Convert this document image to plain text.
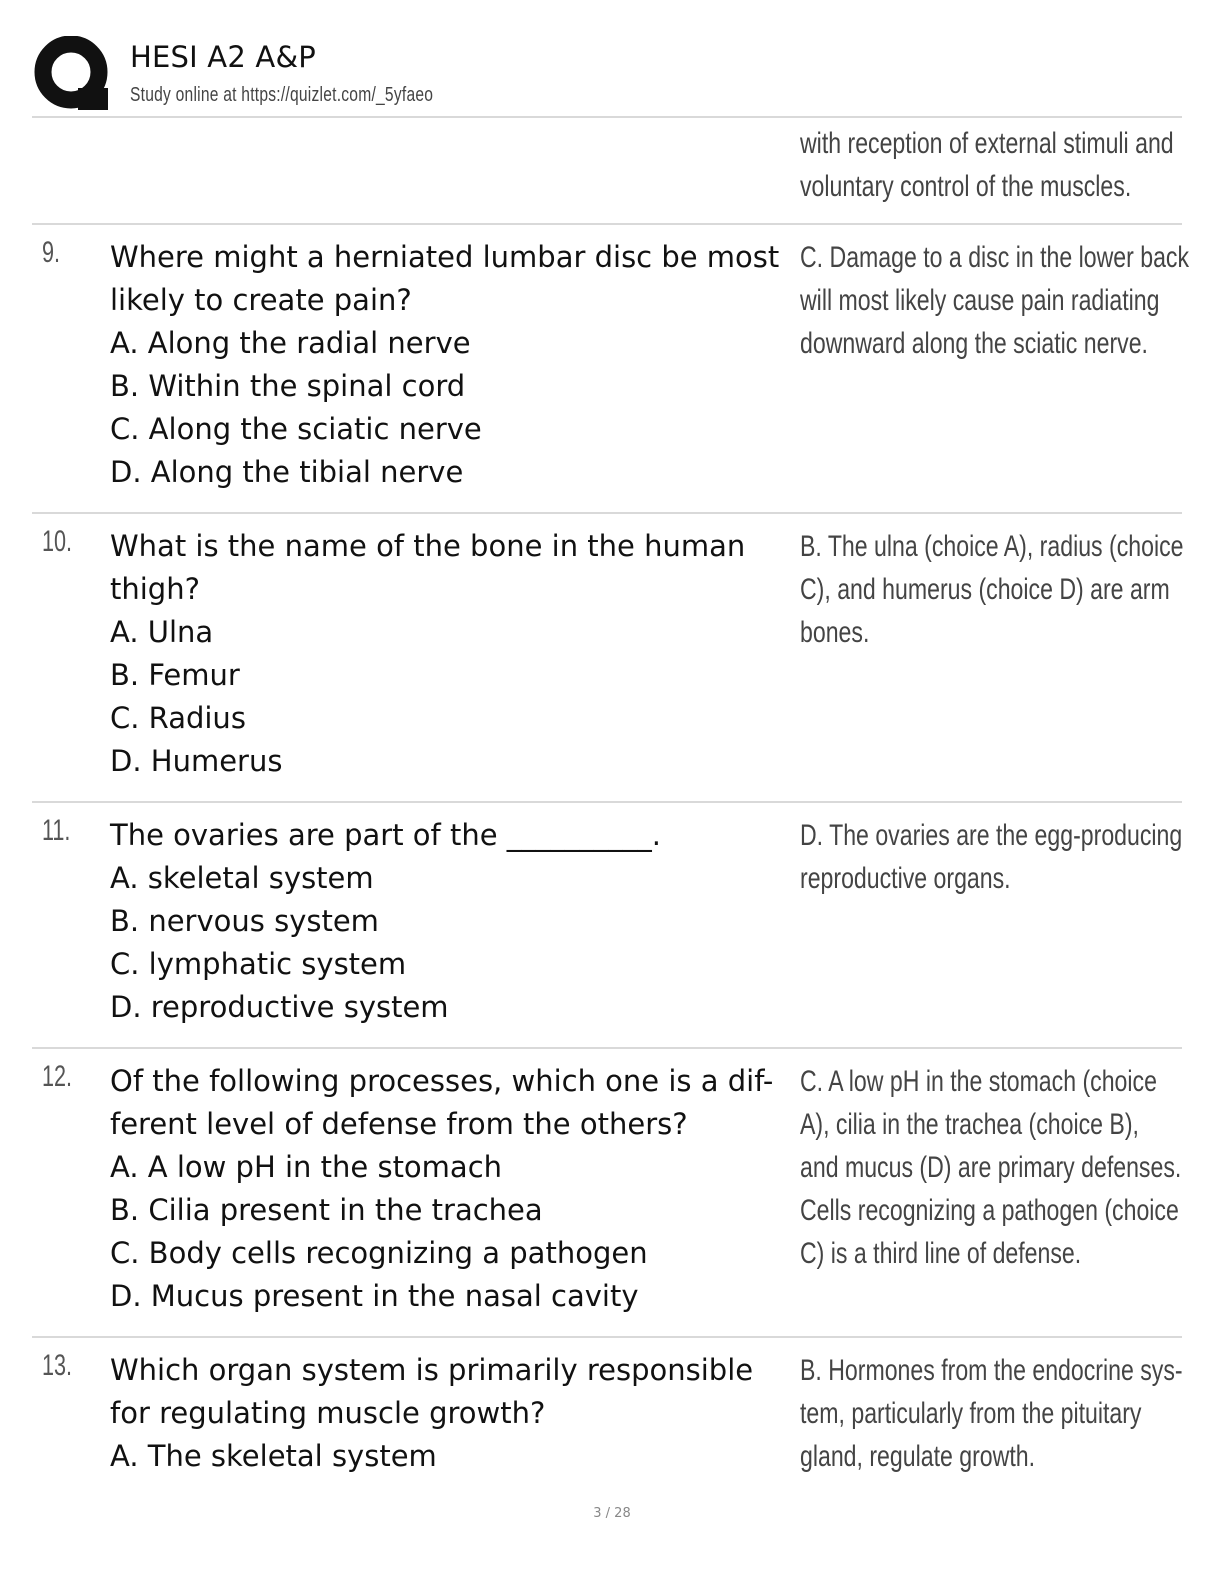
HESI A2 A&P
Study online at https://quizlet.com/_5yfaeo
with reception of external stimuli and
voluntary control of the muscles.
9. Where might a herniated lumbar disc be most
likely to create pain?
A. Along the radial nerve
B. Within the spinal cord
C. Along the sciatic nerve
D. Along the tibial nerve
C. Damage to a disc in the lower back
will most likely cause pain radiating
downward along the sciatic nerve.
10. What is the name of the bone in the human
thigh?
A. Ulna
B. Femur
C. Radius
D. Humerus
B. The ulna (choice A), radius (choice
C), and humerus (choice D) are arm
bones.
11. The ovaries are part of the __________.
A. skeletal system
B. nervous system
C. lymphatic system
D. reproductive system
D. The ovaries are the egg-producing
reproductive organs.
12. Of the following processes, which one is a dif-
ferent level of defense from the others?
A. A low pH in the stomach
B. Cilia present in the trachea
C. Body cells recognizing a pathogen
D. Mucus present in the nasal cavity
C. A low pH in the stomach (choice
A), cilia in the trachea (choice B),
and mucus (D) are primary defenses.
Cells recognizing a pathogen (choice
C) is a third line of defense.
13. Which organ system is primarily responsible
for regulating muscle growth?
A. The skeletal system
B. Hormones from the endocrine sys-
tem, particularly from the pituitary
gland, regulate growth.
3 / 28
